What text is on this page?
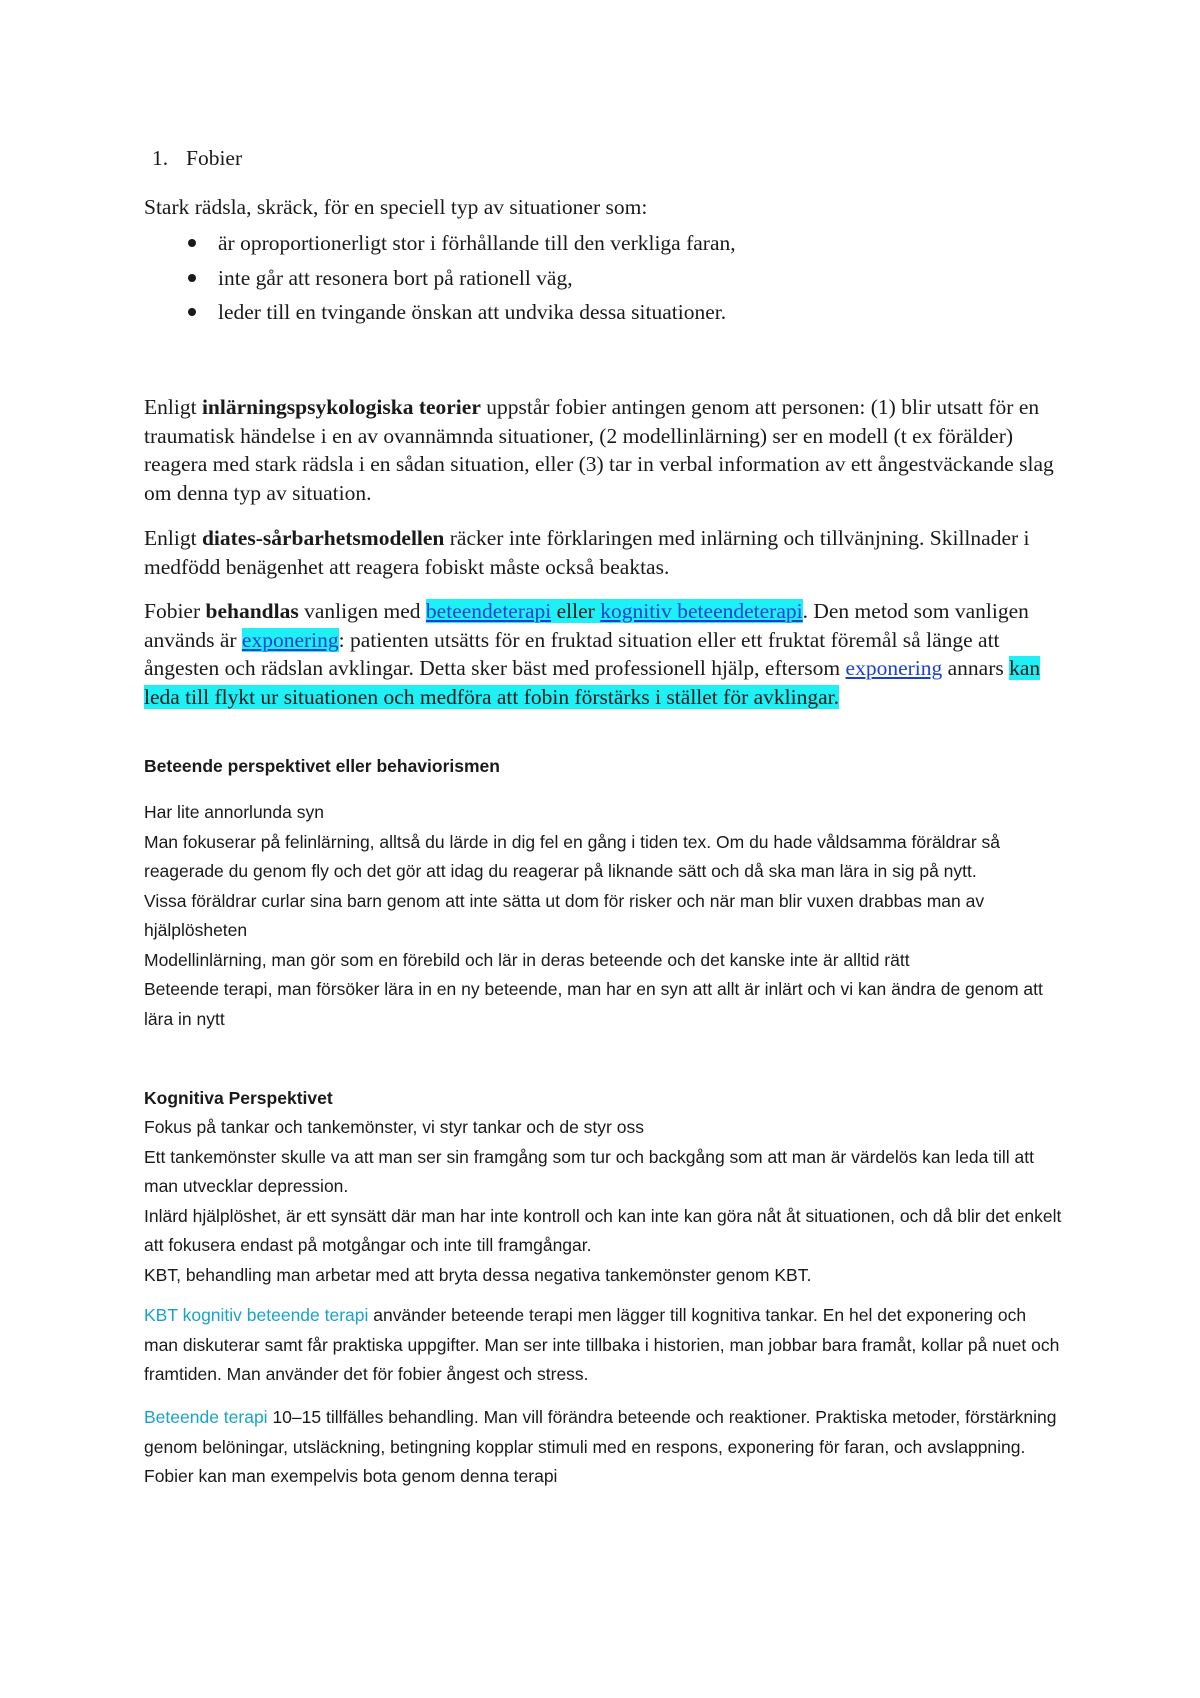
1. Fobier

Stark rädsla, skräck, för en speciell typ av situationer som:

är oproportionerligt stor i förhållande till den verkliga faran,
inte går att resonera bort på rationell väg,
leder till en tvingande önskan att undvika dessa situationer.

Enligt inlärningspsykologiska teorier uppstår fobier antingen genom att personen: (1) blir utsatt för en traumatisk händelse i en av ovannämnda situationer, (2 modellinlärning) ser en modell (t ex förälder) reagera med stark rädsla i en sådan situation, eller (3) tar in verbal information av ett ångestväckande slag om denna typ av situation.

Enligt diates-sårbarhetsmodellen räcker inte förklaringen med inlärning och tillvänjning. Skillnader i medfödd benägenhet att reagera fobiskt måste också beaktas.

Fobier behandlas vanligen med beteendeterapi eller kognitiv beteendeterapi. Den metod som vanligen används är exponering: patienten utsätts för en fruktad situation eller ett fruktat föremål så länge att ångesten och rädslan avklingar. Detta sker bäst med professionell hjälp, eftersom exponering annars kan leda till flykt ur situationen och medföra att fobin förstärks i stället för avklingar.

Beteende perspektivet eller behaviorismen

Har lite annorlunda syn

Man fokuserar på felinlärning, alltså du lärde in dig fel en gång i tiden tex. Om du hade våldsamma föräldrar så reagerade du genom fly och det gör att idag du reagerar på liknande sätt och då ska man lära in sig på nytt.

Vissa föräldrar curlar sina barn genom att inte sätta ut dom för risker och när man blir vuxen drabbas man av hjälplösheten

Modellinlärning, man gör som en förebild och lär in deras beteende och det kanske inte är alltid rätt

Beteende terapi, man försöker lära in en ny beteende, man har en syn att allt är inlärt och vi kan ändra de genom att lära in nytt

Kognitiva Perspektivet

Fokus på tankar och tankemönster, vi styr tankar och de styr oss

Ett tankemönster skulle va att man ser sin framgång som tur och backgång som att man är värdelös kan leda till att man utvecklar depression.

Inlärd hjälplöshet, är ett synsätt där man har inte kontroll och kan inte kan göra nåt åt situationen, och då blir det enkelt att fokusera endast på motgångar och inte till framgångar.

KBT, behandling man arbetar med att bryta dessa negativa tankemönster genom KBT.

KBT kognitiv beteende terapi använder beteende terapi men lägger till kognitiva tankar. En hel det exponering och man diskuterar samt får praktiska uppgifter. Man ser inte tillbaka i historien, man jobbar bara framåt, kollar på nuet och framtiden. Man använder det för fobier ångest och stress.

Beteende terapi 10–15 tillfälles behandling. Man vill förändra beteende och reaktioner. Praktiska metoder, förstärkning genom belöningar, utsläckning, betingning kopplar stimuli med en respons, exponering för faran, och avslappning. Fobier kan man exempelvis bota genom denna terapi
